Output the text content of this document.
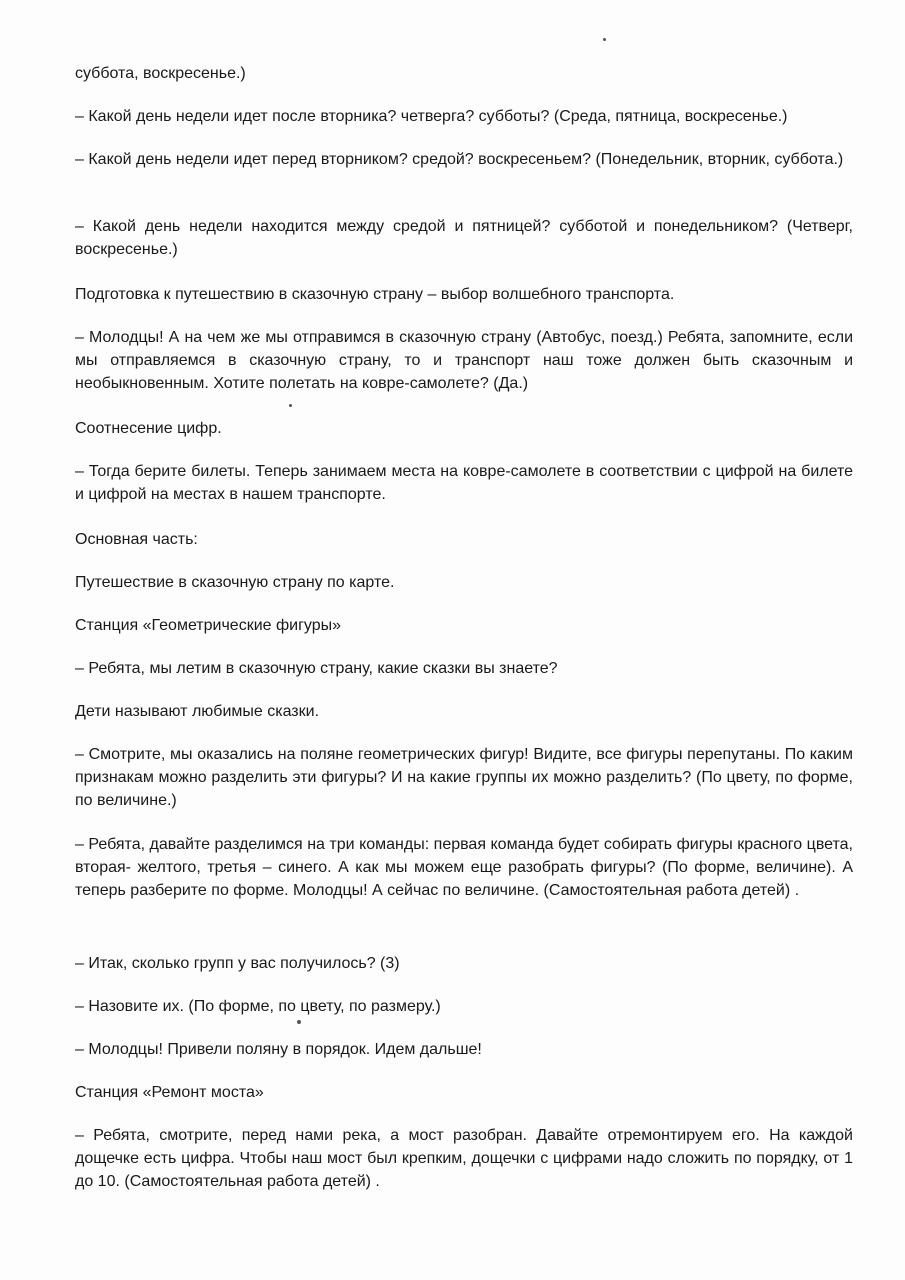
суббота, воскресенье.)
– Какой день недели идет после вторника? четверга? субботы? (Среда, пятница, воскресенье.)
– Какой день недели идет перед вторником? средой? воскресеньем? (Понедельник, вторник, суббота.)
– Какой день недели находится между средой и пятницей? субботой и понедельником? (Четверг, воскресенье.)
Подготовка к путешествию в сказочную страну – выбор волшебного транспорта.
– Молодцы! А на чем же мы отправимся в сказочную страну (Автобус, поезд.) Ребята, запомните, если мы отправляемся в сказочную страну, то и транспорт наш тоже должен быть сказочным и необыкновенным. Хотите полетать на ковре-самолете? (Да.)
Соотнесение цифр.
– Тогда берите билеты. Теперь занимаем места на ковре-самолете в соответствии с цифрой на билете и цифрой на местах в нашем транспорте.
Основная часть:
Путешествие в сказочную страну по карте.
Станция «Геометрические фигуры»
– Ребята, мы летим в сказочную страну, какие сказки вы знаете?
Дети называют любимые сказки.
– Смотрите, мы оказались на поляне геометрических фигур! Видите, все фигуры перепутаны. По каким признакам можно разделить эти фигуры? И на какие группы их можно разделить? (По цвету, по форме, по величине.)
– Ребята, давайте разделимся на три команды: первая команда будет собирать фигуры красного цвета, вторая- желтого, третья – синего. А как мы можем еще разобрать фигуры? (По форме, величине). А теперь разберите по форме. Молодцы! А сейчас по величине. (Самостоятельная работа детей) .
– Итак, сколько групп у вас получилось? (3)
– Назовите их. (По форме, по цвету, по размеру.)
– Молодцы! Привели поляну в порядок. Идем дальше!
Станция «Ремонт моста»
– Ребята, смотрите, перед нами река, а мост разобран. Давайте отремонтируем его. На каждой дощечке есть цифра. Чтобы наш мост был крепким, дощечки с цифрами надо сложить по порядку, от 1 до 10. (Самостоятельная работа детей) .
